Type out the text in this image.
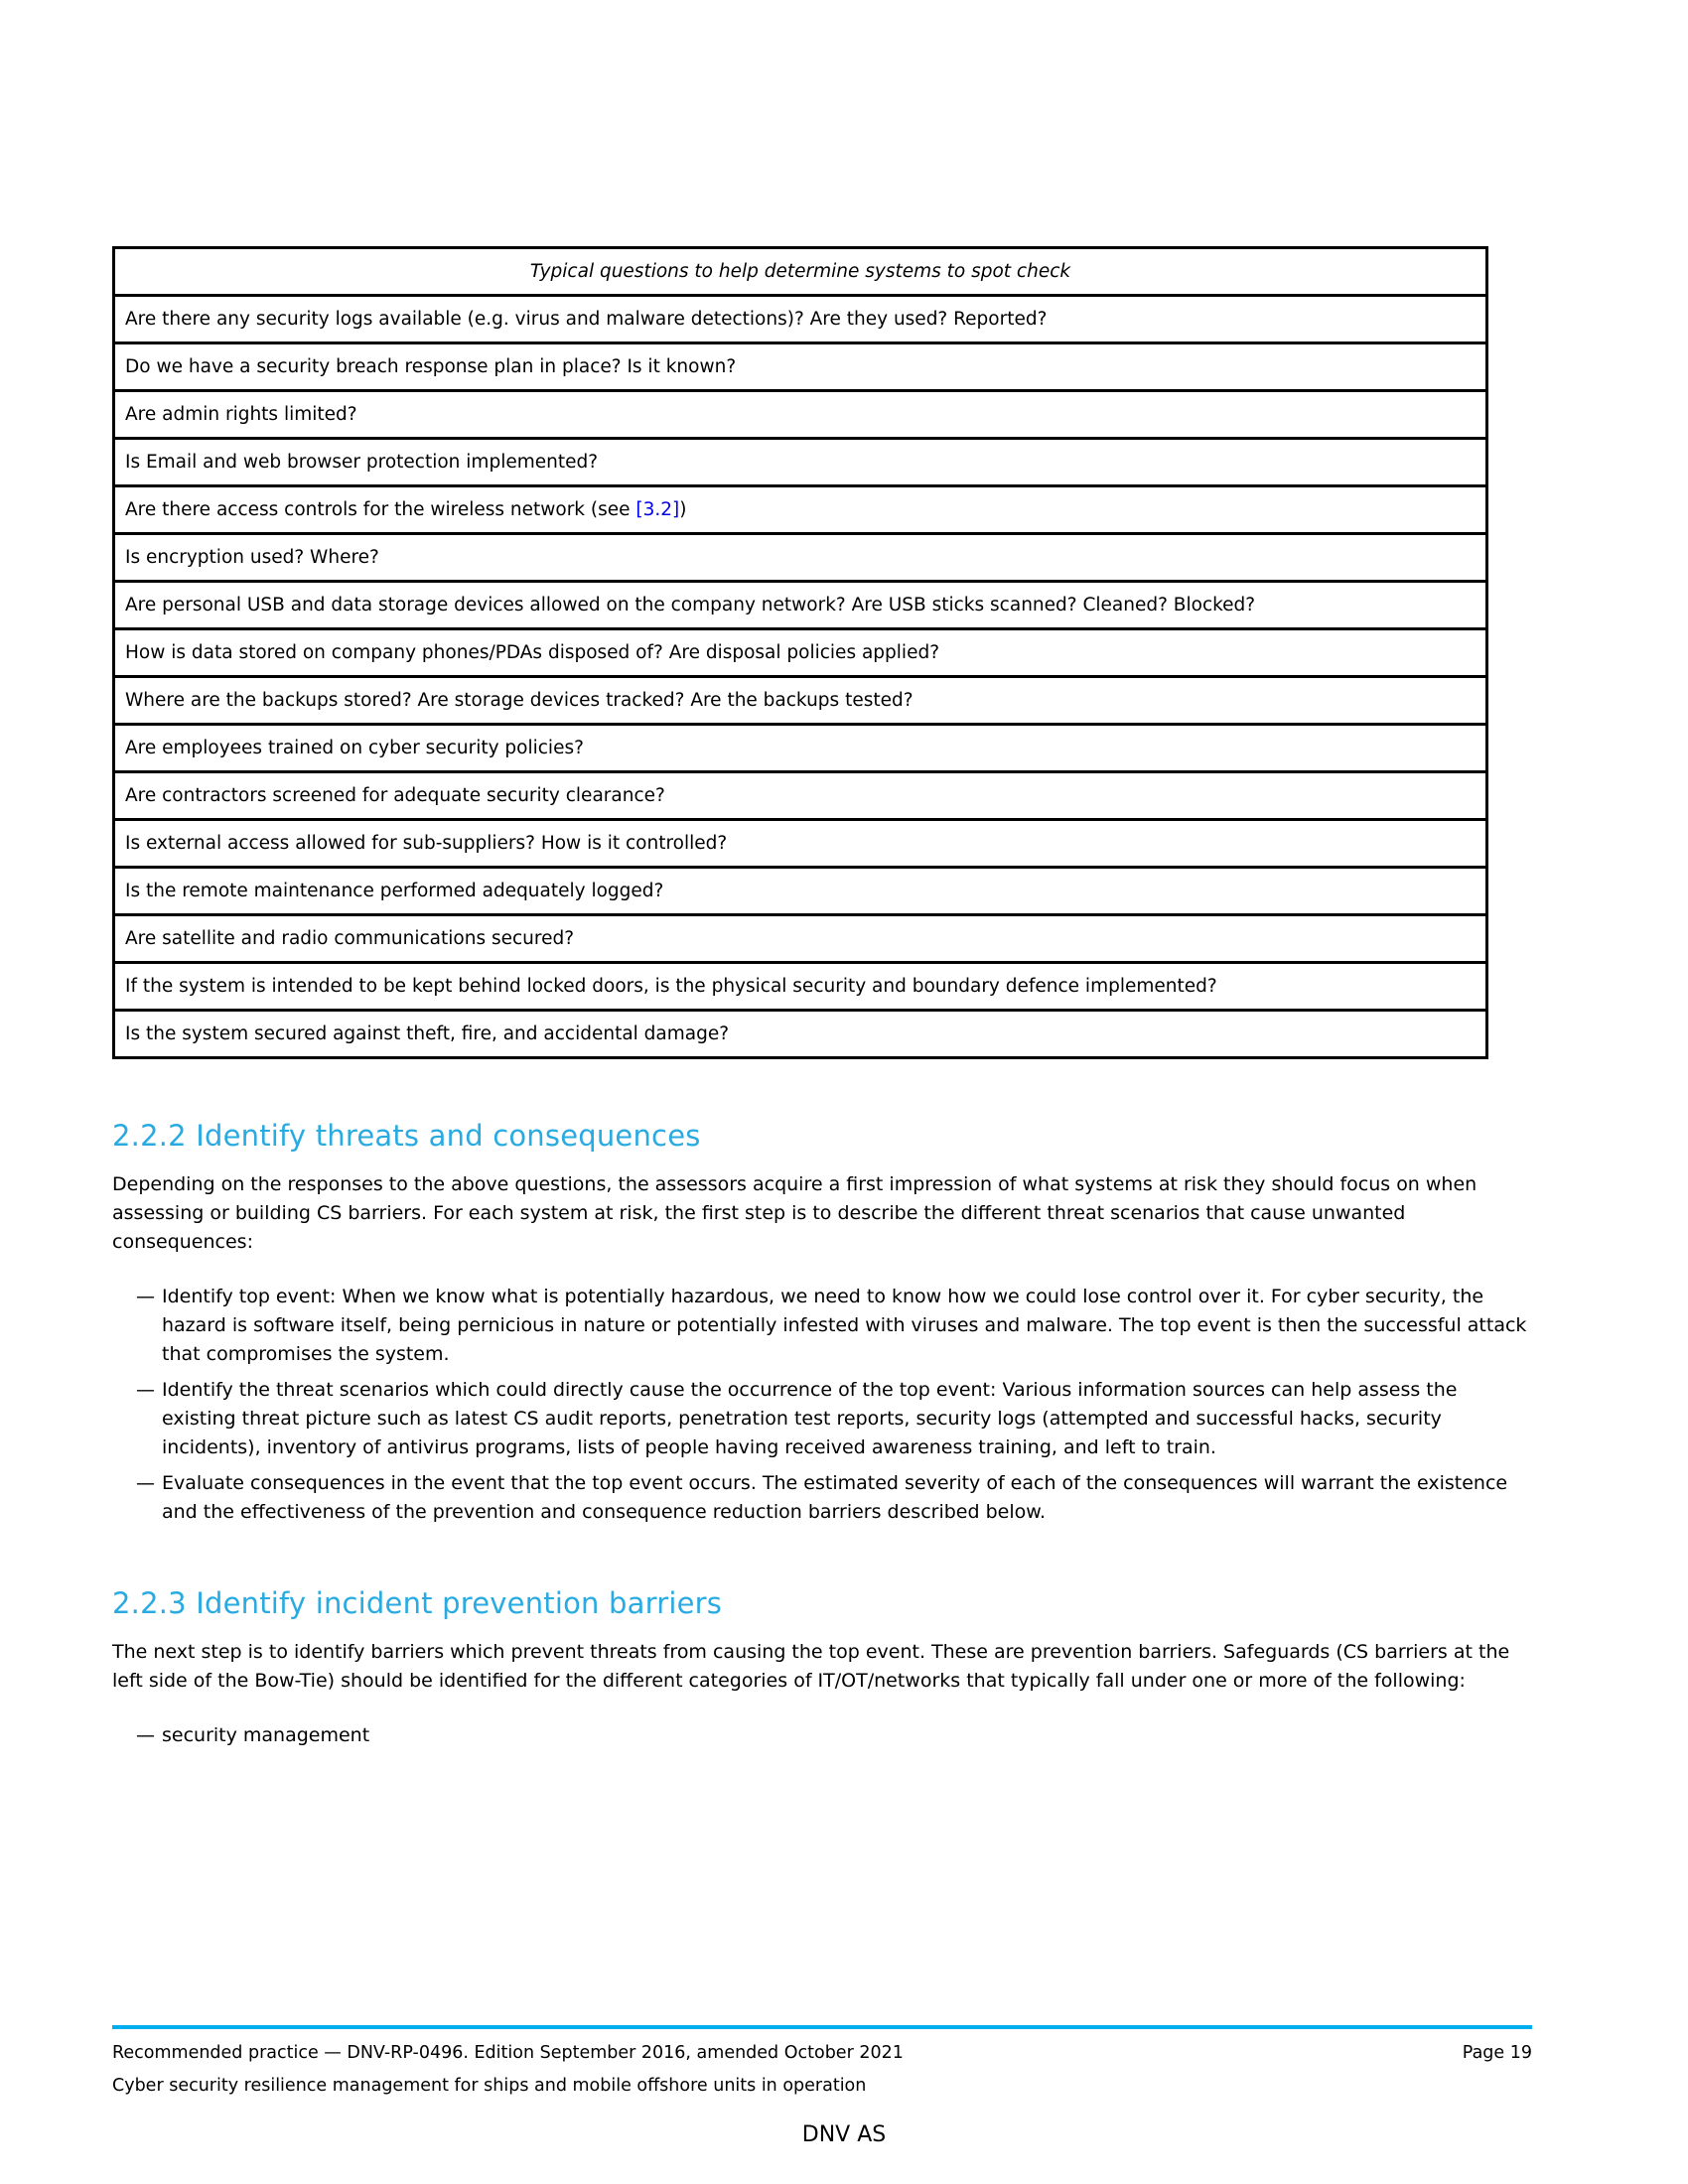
Typical questions to help determine systems to spot check
Are there any security logs available (e.g. virus and malware detections)? Are they used? Reported?
Do we have a security breach response plan in place? Is it known?
Are admin rights limited?
Is Email and web browser protection implemented?
Are there access controls for the wireless network (see [3.2])
Is encryption used? Where?
Are personal USB and data storage devices allowed on the company network? Are USB sticks scanned? Cleaned? Blocked?
How is data stored on company phones/PDAs disposed of? Are disposal policies applied?
Where are the backups stored? Are storage devices tracked? Are the backups tested?
Are employees trained on cyber security policies?
Are contractors screened for adequate security clearance?
Is external access allowed for sub-suppliers? How is it controlled?
Is the remote maintenance performed adequately logged?
Are satellite and radio communications secured?
If the system is intended to be kept behind locked doors, is the physical security and boundary defence implemented?
Is the system secured against theft, fire, and accidental damage?
2.2.2 Identify threats and consequences

Depending on the responses to the above questions, the assessors acquire a first impression of what systems at risk they should focus on when assessing or building CS barriers. For each system at risk, the first step is to describe the different threat scenarios that cause unwanted consequences:

— Identify top event: When we know what is potentially hazardous, we need to know how we could lose control over it. For cyber security, the hazard is software itself, being pernicious in nature or potentially infested with viruses and malware. The top event is then the successful attack that compromises the system.
— Identify the threat scenarios which could directly cause the occurrence of the top event: Various information sources can help assess the existing threat picture such as latest CS audit reports, penetration test reports, security logs (attempted and successful hacks, security incidents), inventory of antivirus programs, lists of people having received awareness training, and left to train.
— Evaluate consequences in the event that the top event occurs. The estimated severity of each of the consequences will warrant the existence and the effectiveness of the prevention and consequence reduction barriers described below.
2.2.3 Identify incident prevention barriers

The next step is to identify barriers which prevent threats from causing the top event. These are prevention barriers. Safeguards (CS barriers at the left side of the Bow-Tie) should be identified for the different categories of IT/OT/networks that typically fall under one or more of the following:

— security management
Recommended practice — DNV-RP-0496. Edition September 2016, amended October 2021	Page 19
Cyber security resilience management for ships and mobile offshore units in operation
DNV AS
